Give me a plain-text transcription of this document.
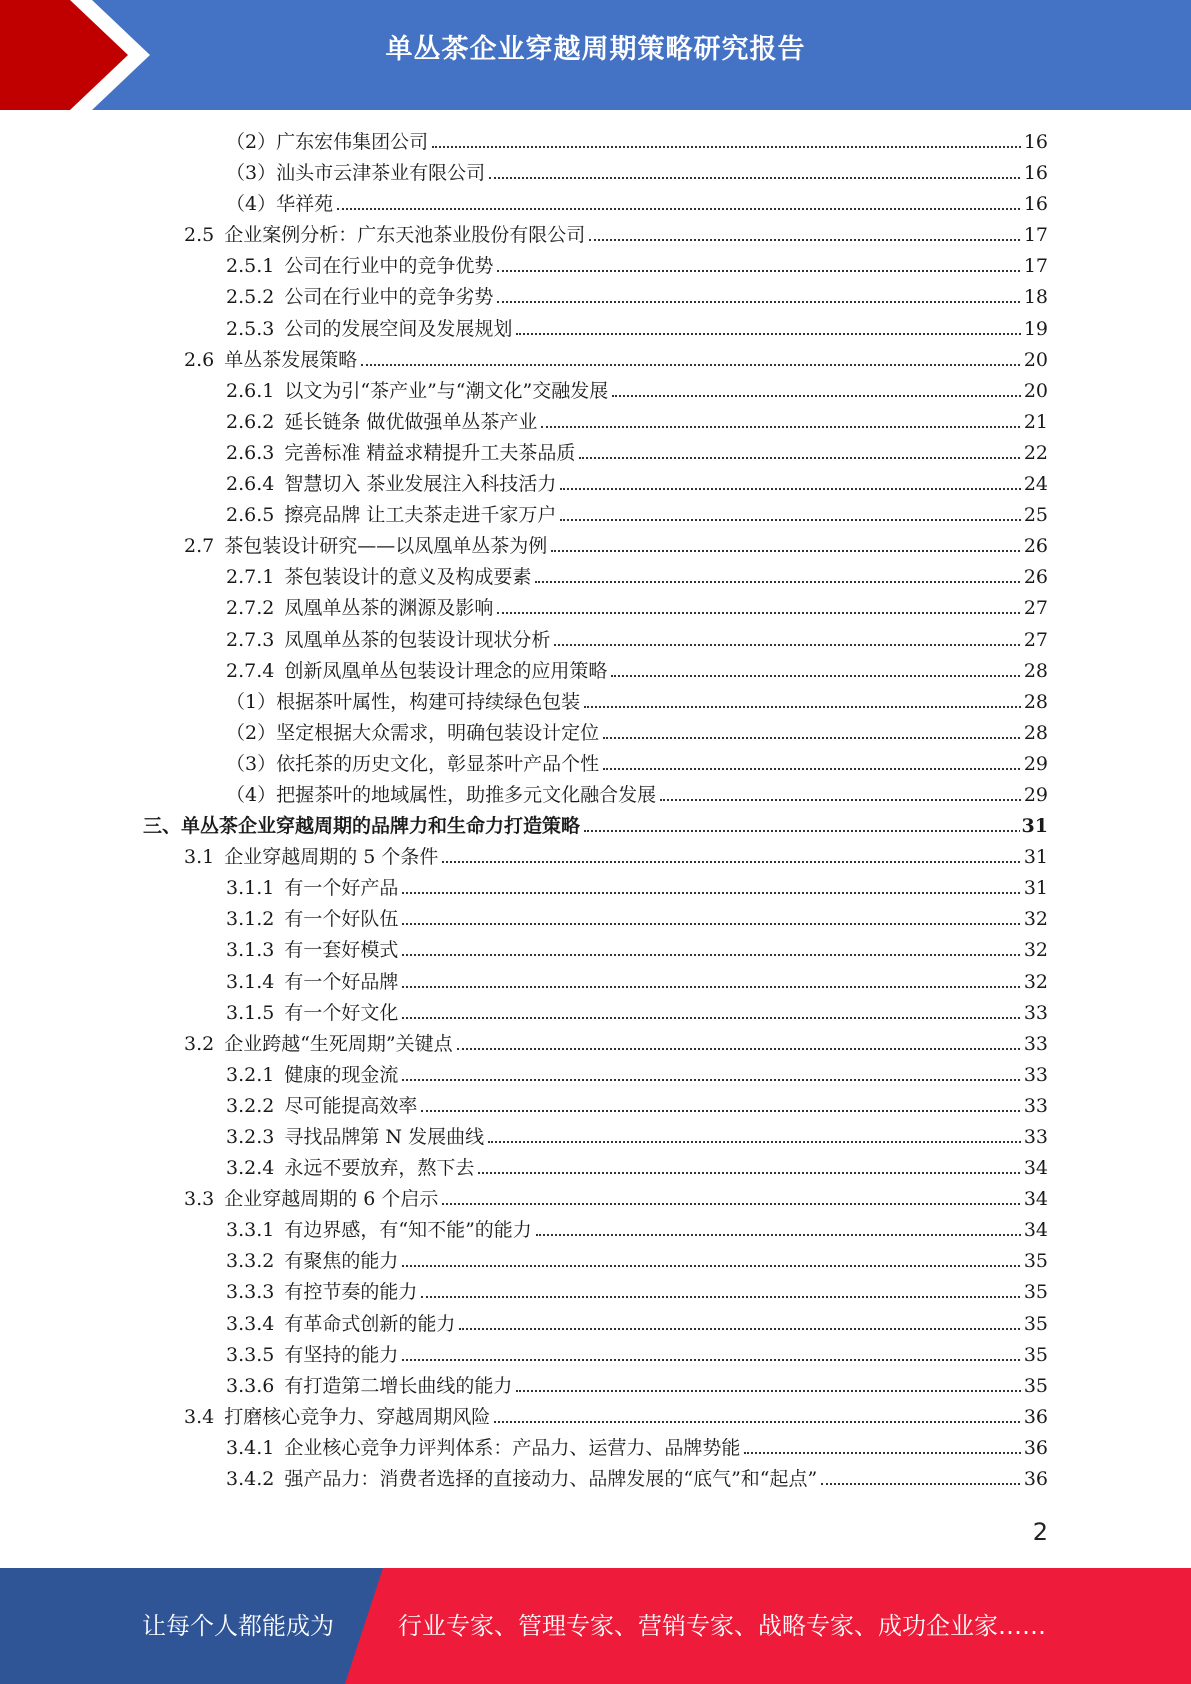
单丛茶企业穿越周期策略研究报告
（2） 广东宏伟集团公司	16
（3） 汕头市云津茶业有限公司	16
（4） 华祥苑	16
2.5 企业案例分析：广东天池茶业股份有限公司	17
2.5.1 公司在行业中的竞争优势	17
2.5.2 公司在行业中的竞争劣势	18
2.5.3 公司的发展空间及发展规划	19
2.6 单丛茶发展策略	20
2.6.1 以文为引“茶产业”与“潮文化”交融发展	20
2.6.2 延长链条 做优做强单丛茶产业	21
2.6.3 完善标准 精益求精提升工夫茶品质	22
2.6.4 智慧切入 茶业发展注入科技活力	24
2.6.5 擦亮品牌 让工夫茶走进千家万户	25
2.7 茶包装设计研究——以凤凰单丛茶为例	26
2.7.1 茶包装设计的意义及构成要素	26
2.7.2 凤凰单丛茶的渊源及影响	27
2.7.3 凤凰单丛茶的包装设计现状分析	27
2.7.4 创新凤凰单丛包装设计理念的应用策略	28
（1） 根据茶叶属性，构建可持续绿色包装	28
（2） 坚定根据大众需求，明确包装设计定位	28
（3） 依托茶的历史文化，彰显茶叶产品个性	29
（4） 把握茶叶的地域属性，助推多元文化融合发展	29
三、单丛茶企业穿越周期的品牌力和生命力打造策略	31
3.1 企业穿越周期的 5 个条件	31
3.1.1 有一个好产品	31
3.1.2 有一个好队伍	32
3.1.3 有一套好模式	32
3.1.4 有一个好品牌	32
3.1.5 有一个好文化	33
3.2 企业跨越“生死周期”关键点	33
3.2.1 健康的现金流	33
3.2.2 尽可能提高效率	33
3.2.3 寻找品牌第 N 发展曲线	33
3.2.4 永远不要放弃，熬下去	34
3.3 企业穿越周期的 6 个启示	34
3.3.1 有边界感，有“知不能”的能力	34
3.3.2 有聚焦的能力	35
3.3.3 有控节奏的能力	35
3.3.4 有革命式创新的能力	35
3.3.5 有坚持的能力	35
3.3.6 有打造第二增长曲线的能力	35
3.4 打磨核心竞争力、穿越周期风险	36
3.4.1 企业核心竞争力评判体系：产品力、运营力、品牌势能	36
3.4.2 强产品力：消费者选择的直接动力、品牌发展的“底气”和“起点”	36
2
让每个人都能成为	行业专家、管理专家、营销专家、战略专家、成功企业家……
